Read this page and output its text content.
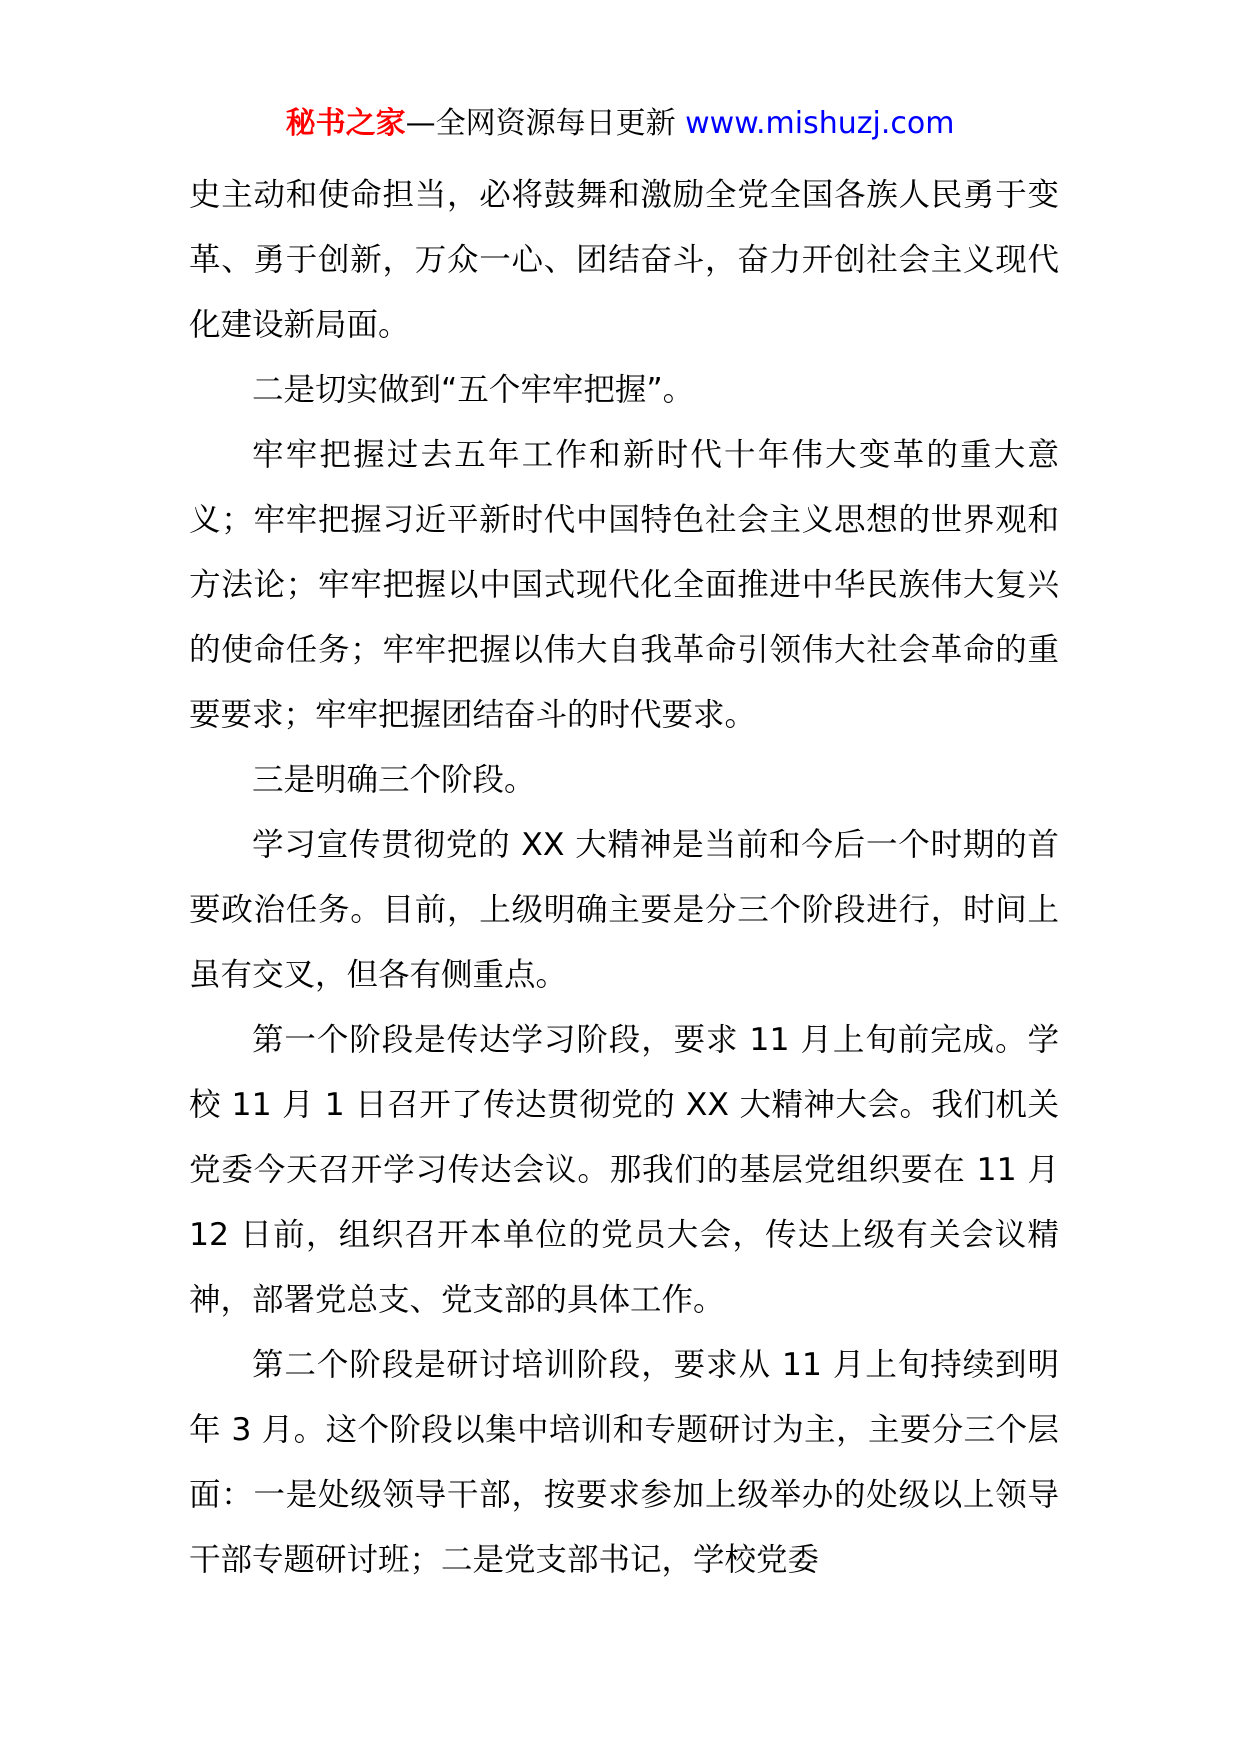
秘书之家—全网资源每日更新 www.mishuzj.com

史主动和使命担当，必将鼓舞和激励全党全国各族人民勇于变革、勇于创新，万众一心、团结奋斗，奋力开创社会主义现代化建设新局面。

二是切实做到“五个牢牢把握”。

牢牢把握过去五年工作和新时代十年伟大变革的重大意义；牢牢把握习近平新时代中国特色社会主义思想的世界观和方法论；牢牢把握以中国式现代化全面推进中华民族伟大复兴的使命任务；牢牢把握以伟大自我革命引领伟大社会革命的重要要求；牢牢把握团结奋斗的时代要求。

三是明确三个阶段。

学习宣传贯彻党的 XX 大精神是当前和今后一个时期的首要政治任务。目前，上级明确主要是分三个阶段进行，时间上虽有交叉，但各有侧重点。

第一个阶段是传达学习阶段，要求 11 月上旬前完成。学校 11 月 1 日召开了传达贯彻党的 XX 大精神大会。我们机关党委今天召开学习传达会议。那我们的基层党组织要在 11 月 12 日前，组织召开本单位的党员大会，传达上级有关会议精神，部署党总支、党支部的具体工作。

第二个阶段是研讨培训阶段，要求从 11 月上旬持续到明年 3 月。这个阶段以集中培训和专题研讨为主，主要分三个层面：一是处级领导干部，按要求参加上级举办的处级以上领导干部专题研讨班；二是党支部书记，学校党委
